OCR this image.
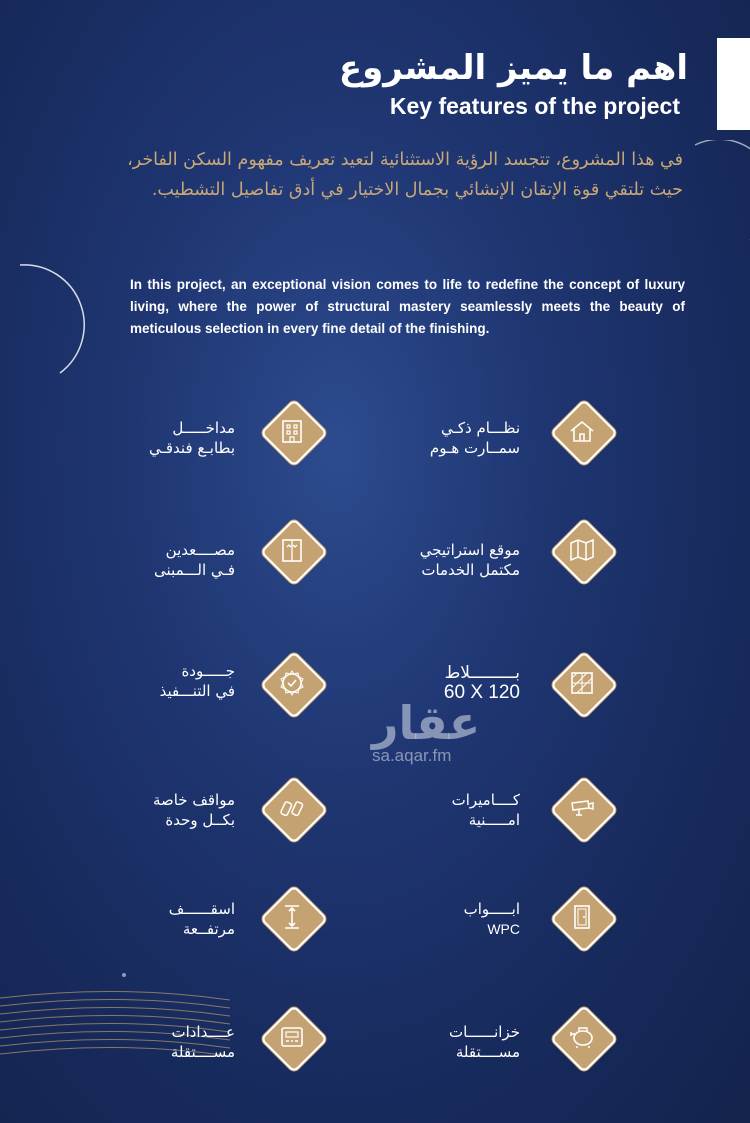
اهم ما يميز المشروع
Key features of the project
في هذا المشروع، تتجسد الرؤية الاستثنائية لتعيد تعريف مفهوم السكن الفاخر، حيث تلتقي قوة الإتقان الإنشائي بجمال الاختيار في أدق تفاصيل التشطيب.
In this project, an exceptional vision comes to life to redefine the concept of luxury living, where the power of structural mastery seamlessly meets the beauty of meticulous selection in every fine detail of the finishing.
نظـــام ذكـي
سمــارت هـوم
مداخـــــل
بطابـع فندقـي
موقع استراتيجي
مكتمل الخدمات
مصــــعدين
فـي الـــمبنى
بـــــــــلاط
60 X 120
جـــــودة
في التنـــفيذ
كــــاميرات
امـــــنية
مواقف خاصة
بكــل وحدة
ابـــــواب
WPC
اسقــــــف
مرتفــعة
خزانــــــات
مســــتقلة
عــــدادات
مســــتقلة
عقار
sa.aqar.fm
